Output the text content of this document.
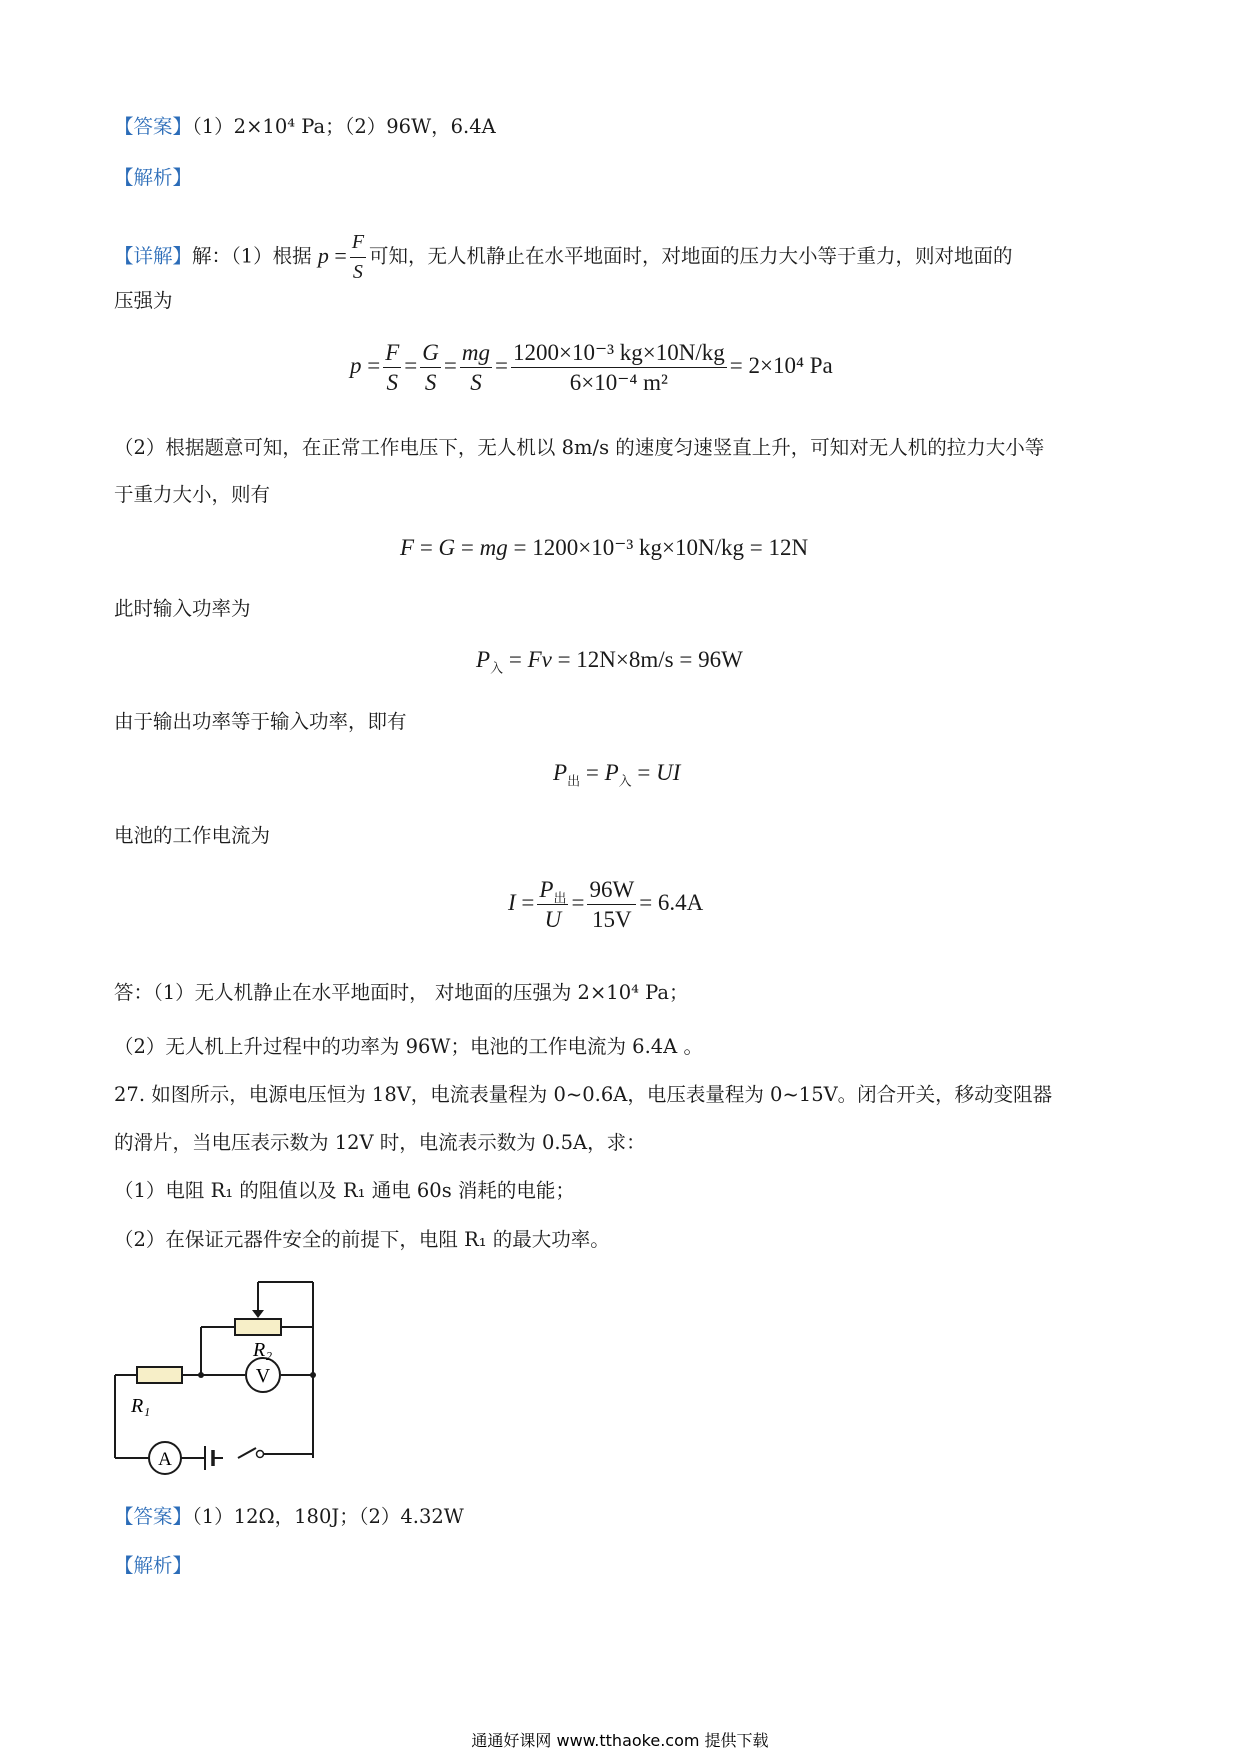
【答案】（1）2×10⁴ Pa；（2）96W，6.4A
【解析】
【详解】解：（1）根据 $p = \frac{F}{S}$ 可知，无人机静止在水平地面时，对地面的压力大小等于重力，则对地面的
压强为
$p = \frac{F}{S} = \frac{G}{S} = \frac{mg}{S} = \frac{\text{1200×10⁻³ kg×10N/kg}}{\text{6×10⁻⁴ m²}} = 2\times 10^4$ Pa
（2）根据题意可知，在正常工作电压下，无人机以 8m/s 的速度匀速竖直上升，可知对无人机的拉力大小等
于重力大小，则有
F = G = mg = 1200×10⁻³ kg×10N/kg = 12N
此时输入功率为
$P_入 = Fv = 12N\times 8m/s = 96W$
由于输出功率等于输入功率，即有
$P_出 = P_入$ = UI
电池的工作电流为
$I = \frac{P_出}{U} = \frac{96W}{15V} = 6.4A$
答：（1）无人机静止在水平地面时， 对地面的压强为 2×10⁴ Pa；
（2）无人机上升过程中的功率为 96W；电池的工作电流为 6.4A 。
27. 如图所示，电源电压恒为 18V，电流表量程为 0~0.6A，电压表量程为 0~15V。闭合开关，移动变阻器
的滑片，当电压表示数为 12V 时，电流表示数为 0.5A，求：
（1）电阻 R₁ 的阻值以及 R₁ 通电 60s 消耗的电能；
（2）在保证元器件安全的前提下，电阻 R₁ 的最大功率。
V
A
R₂
R₁
【答案】（1）12Ω，180J；（2）4.32W
【解析】
通通好课网 www.tthaoke.com 提供下载
